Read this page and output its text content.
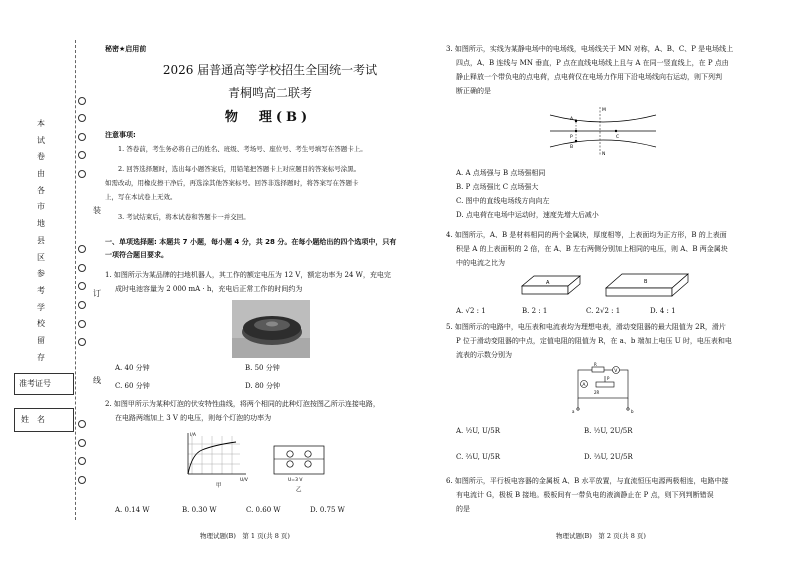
本
试
卷
由
各
市
地
县
区
参
考
学
校
留
存
装
订
线
准考证号
姓　名
秘密★启用前
2026 届普通高等学校招生全国统一考试
青桐鸣高二联考
物　理(B)
注意事项:
1. 答卷前，考生务必将自己的姓名、班级、考场号、座位号、考生号填写在答题卡上。
2. 回答选择题时，选出每小题答案后，用铅笔把答题卡上对应题目的答案标号涂黑。
如需改动，用橡皮擦干净后，再选涂其他答案标号。回答非选择题时，将答案写在答题卡
上，写在本试卷上无效。
3. 考试结束后，将本试卷和答题卡一并交回。
一、单项选择题: 本题共 7 小题，每小题 4 分，共 28 分。在每小题给出的四个选项中，只有
一项符合题目要求。
1. 如图所示为某品牌的扫地机器人，其工作的额定电压为 12 V，额定功率为 24 W，充电完
成时电池容量为 2 000 mA · h，充电后正常工作的时间约为
A. 40 分钟	B. 50 分钟
C. 60 分钟	D. 80 分钟
2. 如图甲所示为某种灯泡的伏安特性曲线，将两个相同的此种灯泡按图乙所示连接电路，
在电路两端加上 3 V 的电压，则每个灯泡的功率为
I/A
U/V
甲
U=3 V
乙
A. 0.14 W	B. 0.30 W	C. 0.60 W	D. 0.75 W
物理试题(B)　第 1 页(共 8 页)
3. 如图所示，实线为某静电场中的电场线，电场线关于 MN 对称，A、B、C、P 是电场线上
四点，A、B 连线与 MN 垂直，P 点在直线电场线上且与 A 在同一竖直线上，在 P 点由
静止释放一个带负电的点电荷，点电荷仅在电场力作用下沿电场线向右运动，则下列判
断正确的是
M
N
A
P
B
C
A. A 点场强与 B 点场强相同
B. P 点场强比 C 点场强大
C. 图中的直线电场线方向向左
D. 点电荷在电场中运动时，速度先增大后减小
4. 如图所示，A、B 是材料相同的两个金属块，厚度相等，上表面均为正方形，B 的上表面
积是 A 的上表面积的 2 倍，在 A、B 左右两侧分别加上相同的电压，则 A、B 两金属块
中的电流之比为
A	B
A. √2 : 1	B. 2 : 1	C. 2√2 : 1	D. 4 : 1
5. 如图所示的电路中，电压表和电流表均为理想电表，滑动变阻器的最大阻值为 2R，滑片
P 位于滑动变阻器的中点，定值电阻的阻值为 R，在 a、b 端加上电压 U 时，电压表和电
流表的示数分别为
V
A
2R
R
P
a	b
A. ½U, U/5R	B. ½U, 2U/5R
C. ⅔U, U/5R	D. ⅔U, 2U/5R
6. 如图所示，平行板电容器的金属板 A、B 水平放置，与直流恒压电源两极相连，电路中接
有电流计 G，极板 B 接地。极板间有一带负电的液滴静止在 P 点，则下列判断错误
的是
物理试题(B)　第 2 页(共 8 页)
